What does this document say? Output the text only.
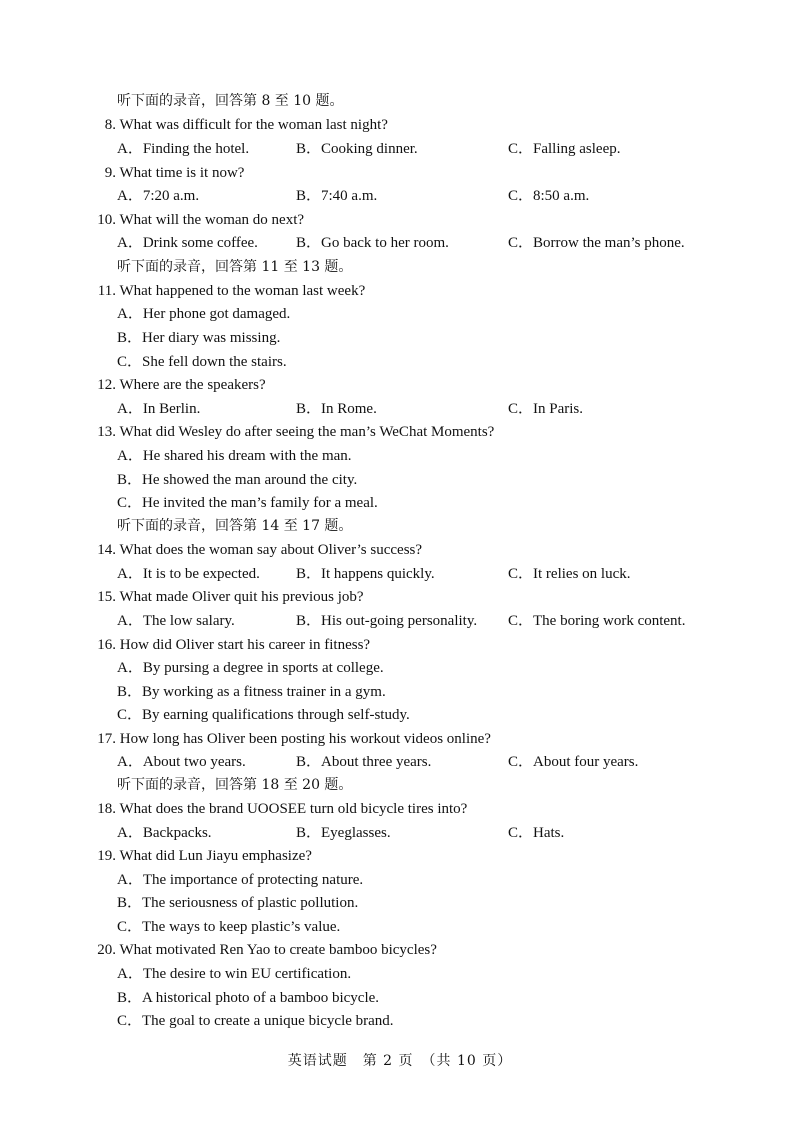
听下面的录音，回答第 8 至 10 题。
8. What was difficult for the woman last night?
A．Finding the hotel.	B．Cooking dinner.	C．Falling asleep.
9. What time is it now?
A．7:20 a.m.	B．7:40 a.m.	C．8:50 a.m.
10. What will the woman do next?
A．Drink some coffee.	B．Go back to her room.	C．Borrow the man’s phone.
听下面的录音，回答第 11 至 13 题。
11. What happened to the woman last week?
A．Her phone got damaged.
B．Her diary was missing.
C．She fell down the stairs.
12. Where are the speakers?
A．In Berlin.	B．In Rome.	C．In Paris.
13. What did Wesley do after seeing the man’s WeChat Moments?
A．He shared his dream with the man.
B．He showed the man around the city.
C．He invited the man’s family for a meal.
听下面的录音，回答第 14 至 17 题。
14. What does the woman say about Oliver’s success?
A．It is to be expected. B．It happens quickly.	C．It relies on luck.
15. What made Oliver quit his previous job?
A．The low salary.	B．His out-going personality. C．The boring work content.
16. How did Oliver start his career in fitness?
A．By pursing a degree in sports at college.
B．By working as a fitness trainer in a gym.
C．By earning qualifications through self-study.
17. How long has Oliver been posting his workout videos online?
A．About two years.	B．About three years.	C．About four years.
听下面的录音，回答第 18 至 20 题。
18. What does the brand UOOSEE turn old bicycle tires into?
A．Backpacks.	B．Eyeglasses.	C．Hats.
19. What did Lun Jiayu emphasize?
A．The importance of protecting nature.
B．The seriousness of plastic pollution.
C．The ways to keep plastic’s value.
20. What motivated Ren Yao to create bamboo bicycles?
A．The desire to win EU certification.
B．A historical photo of a bamboo bicycle.
C．The goal to create a unique bicycle brand.
英语试题　第 2 页　（共 10 页）
